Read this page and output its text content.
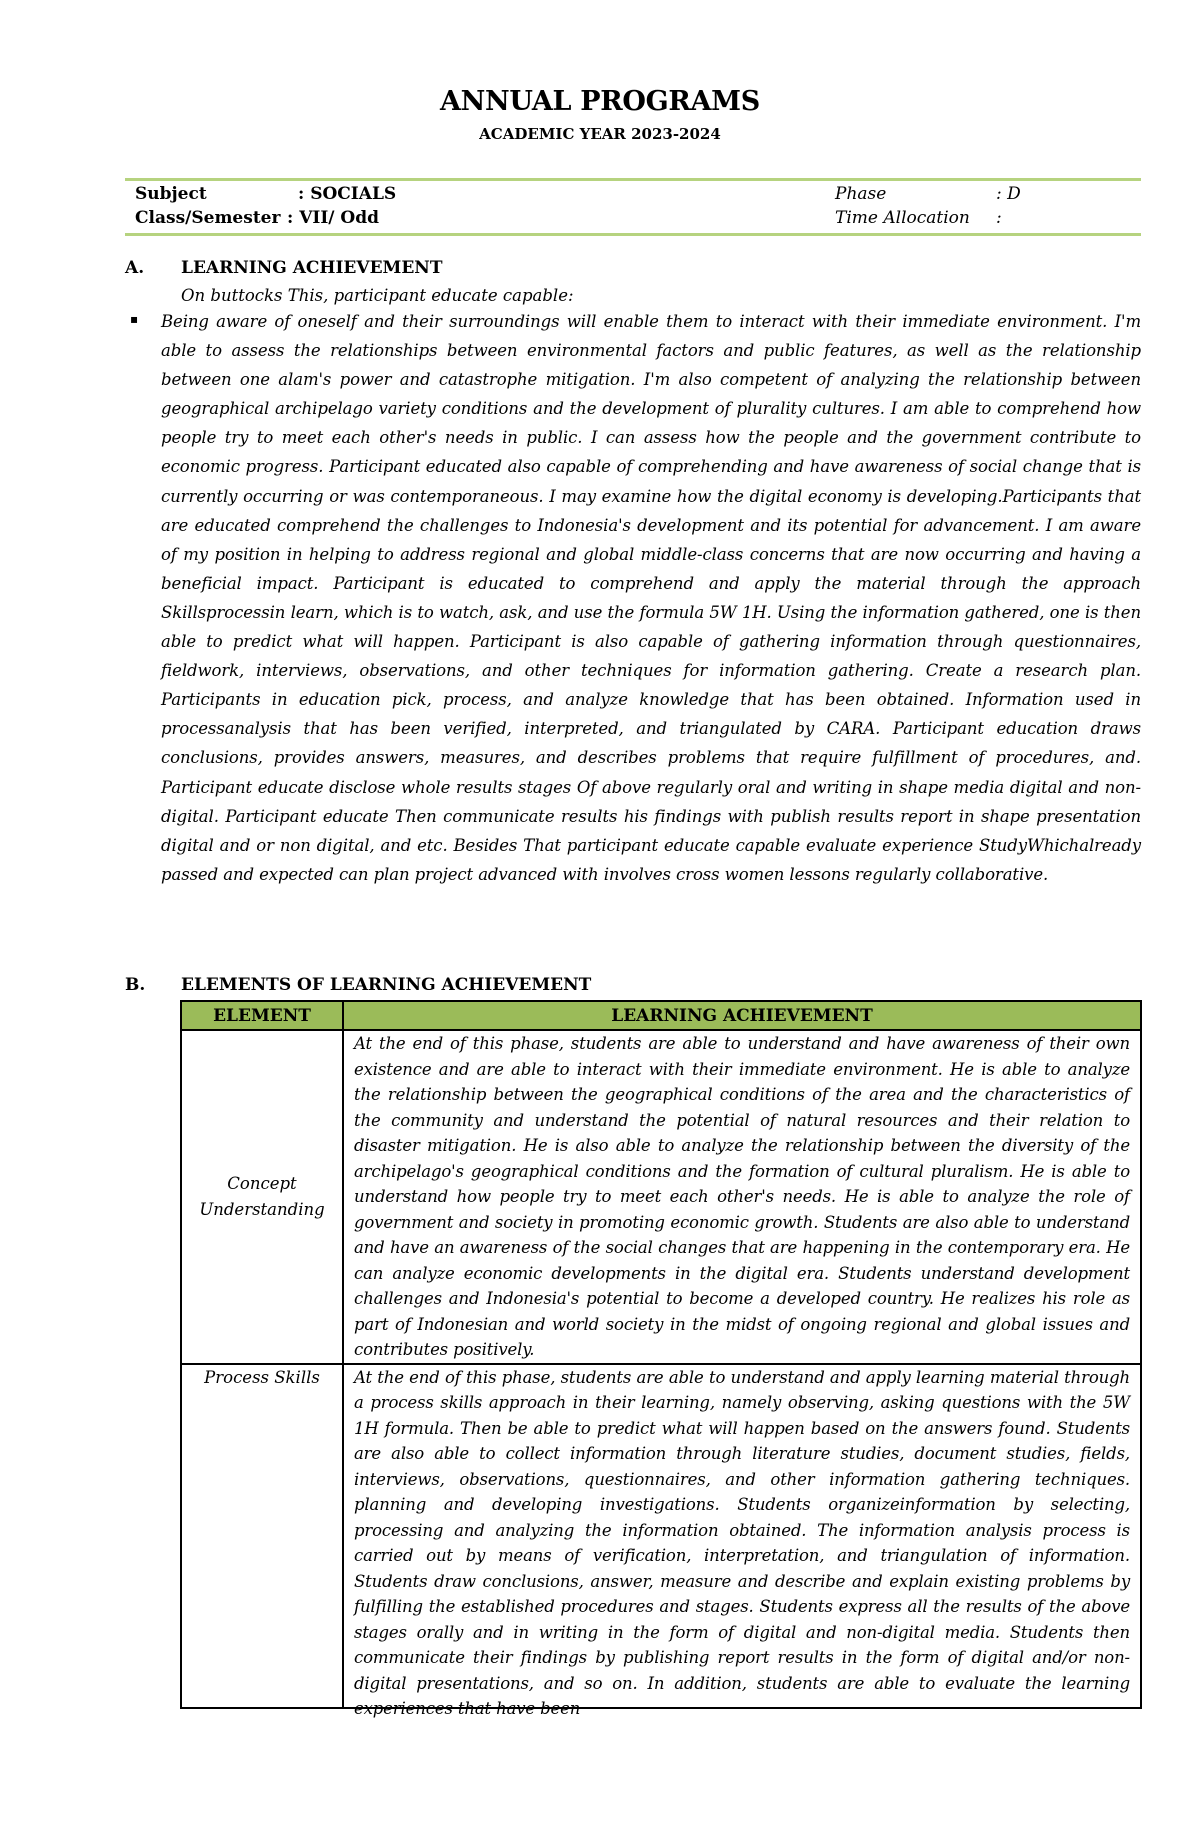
ANNUAL PROGRAMS
ACADEMIC YEAR 2023-2024
Subject	: SOCIALS	Phase	: D
Class/Semester : VII/ Odd	Time Allocation :
A. LEARNING ACHIEVEMENT
On buttocks This, participant educate capable:
▪ Being aware of oneself and their surroundings will enable them to interact with their immediate environment. I'm able to assess the relationships between environmental factors and public features, as well as the relationship between one alam's power and catastrophe mitigation. I'm also competent of analyzing the relationship between geographical archipelago variety conditions and the development of plurality cultures. I am able to comprehend how people try to meet each other's needs in public. I can assess how the people and the government contribute to economic progress. Participant educated also capable of comprehending and have awareness of social change that is currently occurring or was contemporaneous. I may examine how the digital economy is developing.Participants that are educated comprehend the challenges to Indonesia's development and its potential for advancement. I am aware of my position in helping to address regional and global middle-class concerns that are now occurring and having a beneficial impact. Participant is educated to comprehend and apply the material through the approach Skillsprocessin learn, which is to watch, ask, and use the formula 5W 1H. Using the information gathered, one is then able to predict what will happen. Participant is also capable of gathering information through questionnaires, fieldwork, interviews, observations, and other techniques for information gathering. Create a research plan. Participants in education pick, process, and analyze knowledge that has been obtained. Information used in processanalysis that has been verified, interpreted, and triangulated by CARA. Participant education draws conclusions, provides answers, measures, and describes problems that require fulfillment of procedures, and. Participant educate disclose whole results stages Of above regularly oral and writing in shape media digital and non-digital. Participant educate Then communicate results his findings with publish results report in shape presentation digital and or non digital, and etc. Besides That participant educate capable evaluate experience StudyWhichalready passed and expected can plan project advanced with involves cross women lessons regularly collaborative.
B. ELEMENTS OF LEARNING ACHIEVEMENT
ELEMENT	LEARNING ACHIEVEMENT
Concept Understanding	At the end of this phase, students are able to understand and have awareness of their own existence and are able to interact with their immediate environment. He is able to analyze the relationship between the geographical conditions of the area and the characteristics of the community and understand the potential of natural resources and their relation to disaster mitigation. He is also able to analyze the relationship between the diversity of the archipelago's geographical conditions and the formation of cultural pluralism. He is able to understand how people try to meet each other's needs. He is able to analyze the role of government and society in promoting economic growth. Students are also able to understand and have an awareness of the social changes that are happening in the contemporary era. He can analyze economic developments in the digital era. Students understand development challenges and Indonesia's potential to become a developed country. He realizes his role as part of Indonesian and world society in the midst of ongoing regional and global issues and contributes positively.
Process Skills	At the end of this phase, students are able to understand and apply learning material through a process skills approach in their learning, namely observing, asking questions with the 5W 1H formula. Then be able to predict what will happen based on the answers found. Students are also able to collect information through literature studies, document studies, fields, interviews, observations, questionnaires, and other information gathering techniques. planning and developing investigations. Students organizeinformation by selecting, processing and analyzing the information obtained. The information analysis process is carried out by means of verification, interpretation, and triangulation of information. Students draw conclusions, answer, measure and describe and explain existing problems by fulfilling the established procedures and stages. Students express all the results of the above stages orally and in writing in the form of digital and non-digital media. Students then communicate their findings by publishing report results in the form of digital and/or non-digital presentations, and so on. In addition, students are able to evaluate the learning experiences that have been
